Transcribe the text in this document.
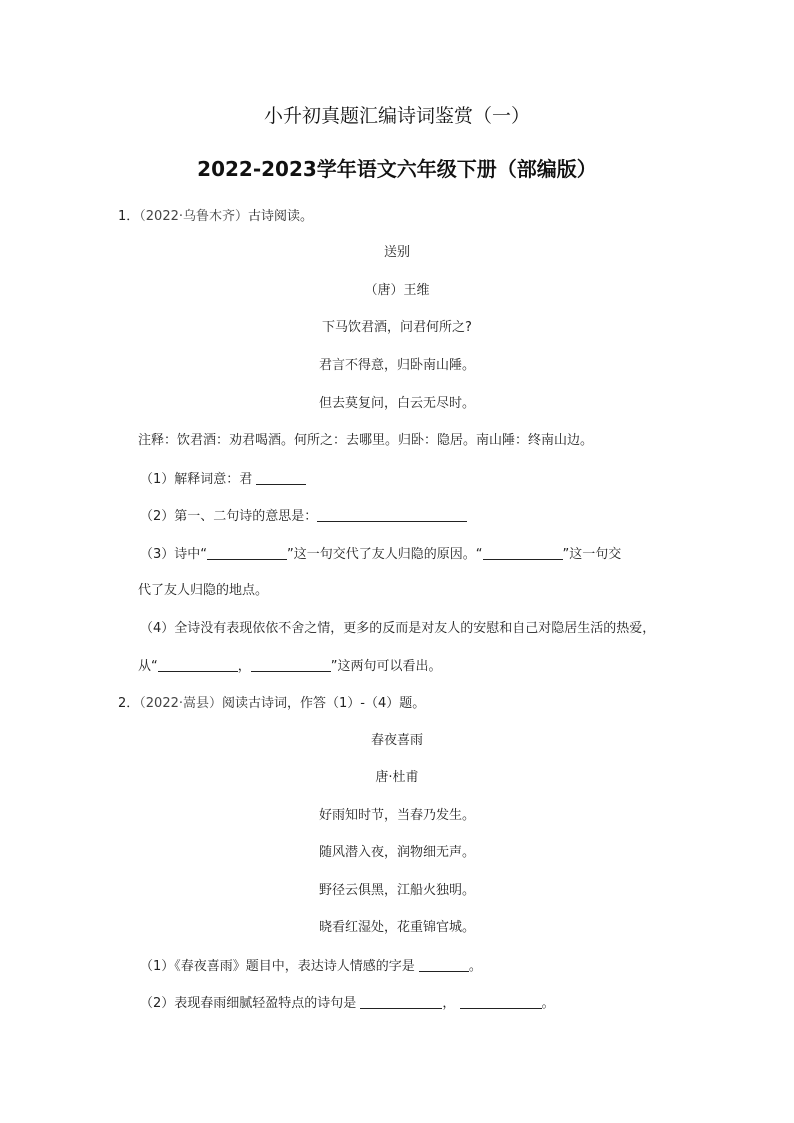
小升初真题汇编诗词鉴赏（一）
2022-2023学年语文六年级下册（部编版）
1．（2022·乌鲁木齐）古诗阅读。
送别
（唐）王维
下马饮君酒，问君何所之?
君言不得意，归卧南山陲。
但去莫复问，白云无尽时。
注释：饮君酒：劝君喝酒。何所之：去哪里。归卧：隐居。南山陲：终南山边。
（1）解释词意：君
（2）第一、二句诗的意思是：
（3）诗中“	”这一句交代了友人归隐的原因。“	”这一句交
代了友人归隐的地点。
（4）全诗没有表现依依不舍之情，更多的反而是对友人的安慰和自己对隐居生活的热爱，
从“	，	”这两句可以看出。
2．（2022·嵩县）阅读古诗词，作答（1）-（4）题。
春夜喜雨
唐·杜甫
好雨知时节，当春乃发生。
随风潜入夜，润物细无声。
野径云俱黑，江船火独明。
晓看红湿处，花重锦官城。
（1）《春夜喜雨》题目中，表达诗人情感的字是	。
（2）表现春雨细腻轻盈特点的诗句是	，	。
